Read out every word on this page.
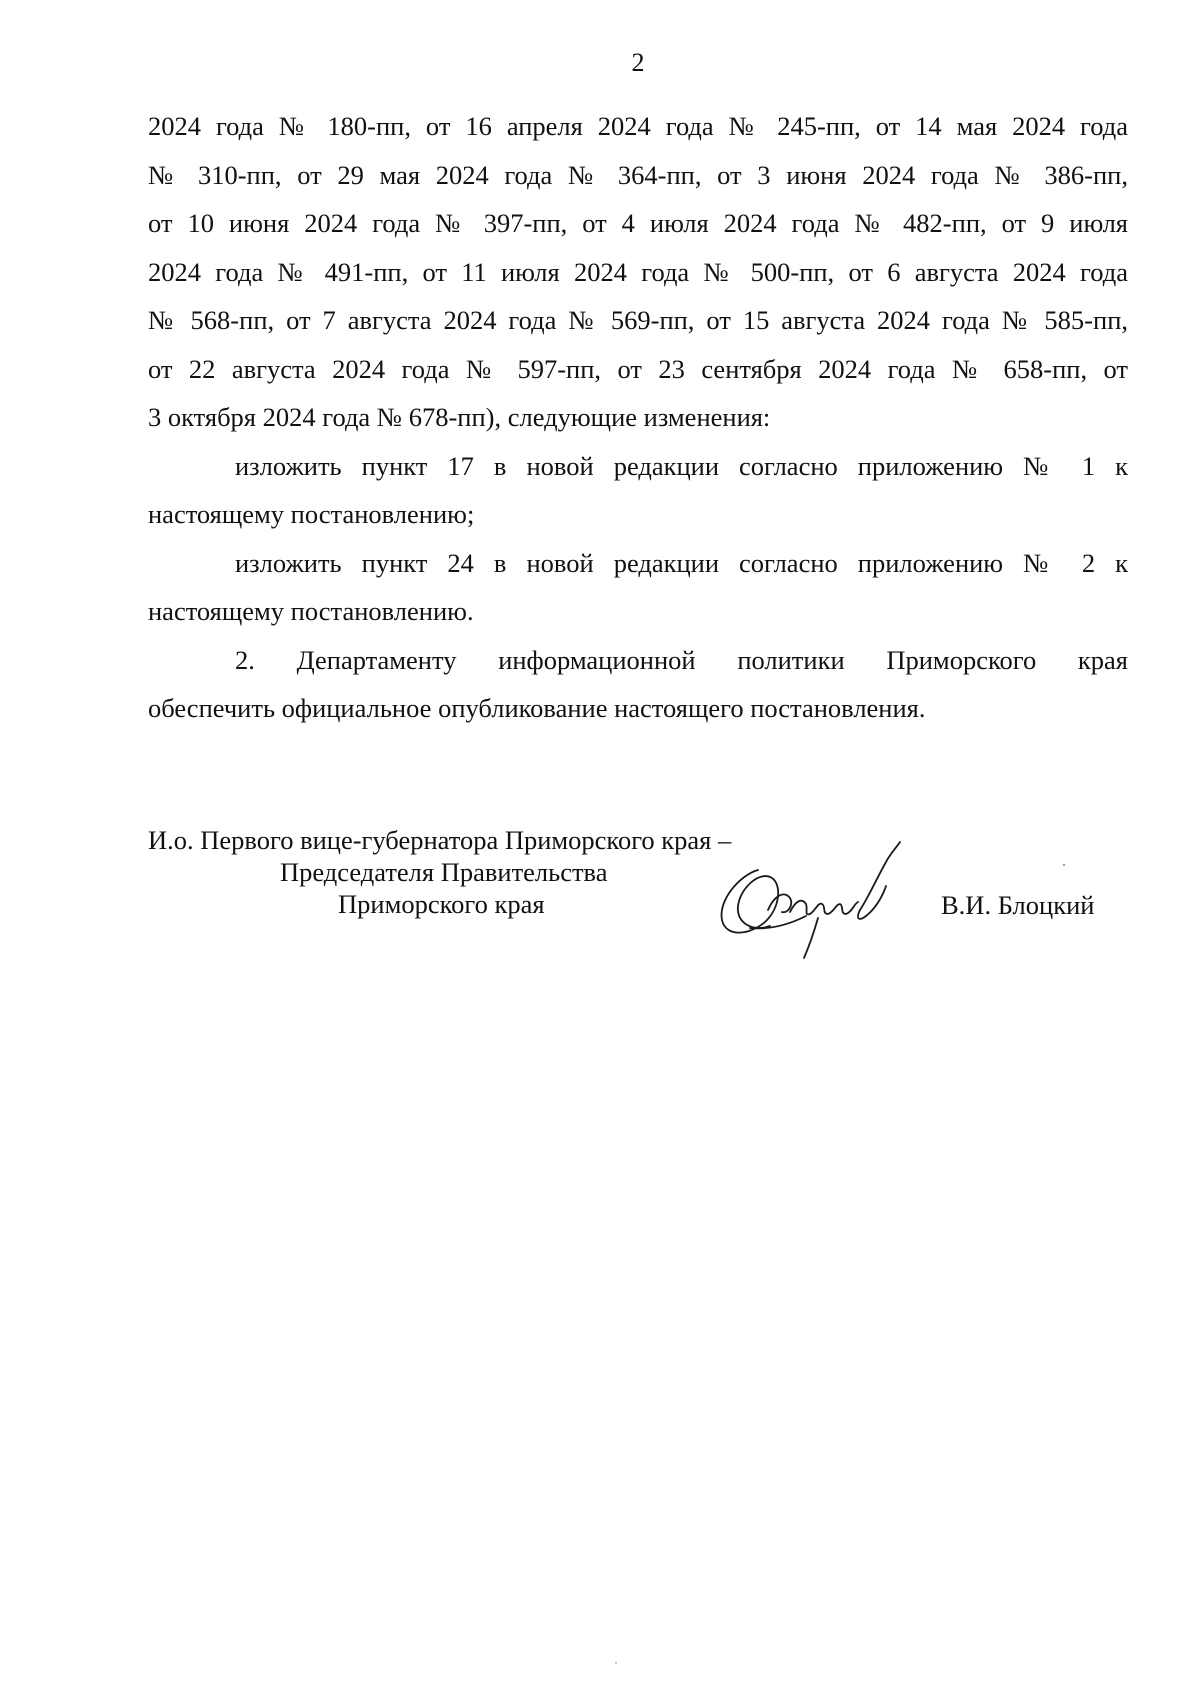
2
2024 года № 180-пп, от 16 апреля 2024 года № 245-пп, от 14 мая 2024 года
№ 310-пп, от 29 мая 2024 года № 364-пп, от 3 июня 2024 года № 386-пп,
от 10 июня 2024 года № 397-пп, от 4 июля 2024 года № 482-пп, от 9 июля
2024 года № 491-пп, от 11 июля 2024 года № 500-пп, от 6 августа 2024 года
№ 568-пп, от 7 августа 2024 года № 569-пп, от 15 августа 2024 года № 585-пп,
от 22 августа 2024 года № 597-пп, от 23 сентября 2024 года № 658-пп, от
3 октября 2024 года № 678-пп), следующие изменения:
изложить пункт 17 в новой редакции согласно приложению № 1 к
настоящему постановлению;
изложить пункт 24 в новой редакции согласно приложению № 2 к
настоящему постановлению.
2. Департаменту информационной политики Приморского края
обеспечить официальное опубликование настоящего постановления.
И.о. Первого вице-губернатора Приморского края –
Председателя Правительства
Приморского края	В.И. Блоцкий
